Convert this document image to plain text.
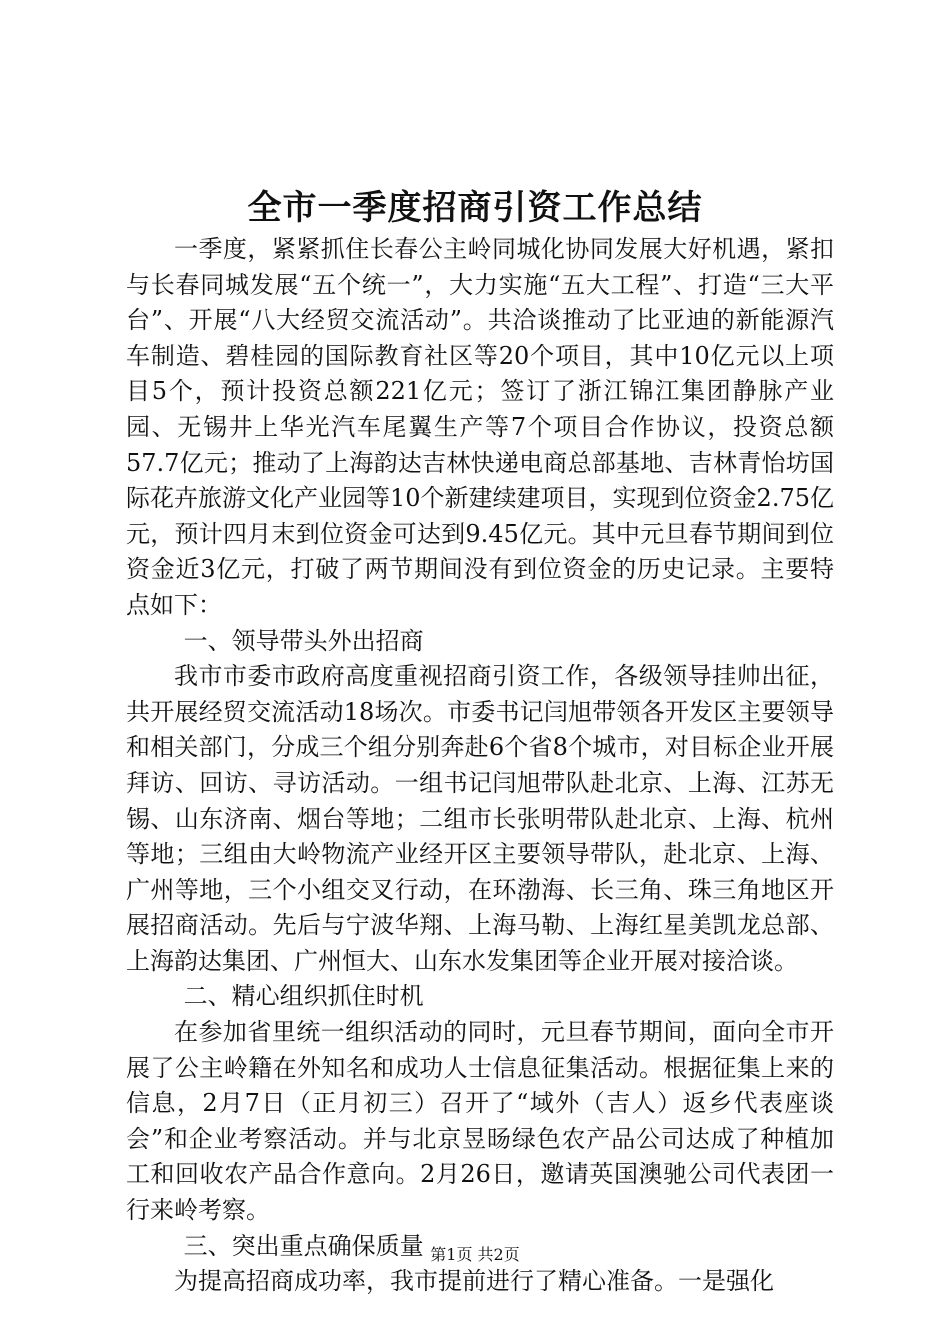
全市一季度招商引资工作总结

一季度，紧紧抓住长春公主岭同城化协同发展大好机遇，紧扣与长春同城发展“五个统一”，大力实施“五大工程”、打造“三大平台”、开展“八大经贸交流活动”。共洽谈推动了比亚迪的新能源汽车制造、碧桂园的国际教育社区等20个项目，其中10亿元以上项目5个，预计投资总额221亿元；签订了浙江锦江集团静脉产业园、无锡井上华光汽车尾翼生产等7个项目合作协议，投资总额57.7亿元；推动了上海韵达吉林快递电商总部基地、吉林青怡坊国际花卉旅游文化产业园等10个新建续建项目，实现到位资金2.75亿元，预计四月末到位资金可达到9.45亿元。其中元旦春节期间到位资金近3亿元，打破了两节期间没有到位资金的历史记录。主要特点如下：

一、领导带头外出招商

我市市委市政府高度重视招商引资工作，各级领导挂帅出征，共开展经贸交流活动18场次。市委书记闫旭带领各开发区主要领导和相关部门，分成三个组分别奔赴6个省8个城市，对目标企业开展拜访、回访、寻访活动。一组书记闫旭带队赴北京、上海、江苏无锡、山东济南、烟台等地；二组市长张明带队赴北京、上海、杭州等地；三组由大岭物流产业经开区主要领导带队，赴北京、上海、广州等地，三个小组交叉行动，在环渤海、长三角、珠三角地区开展招商活动。先后与宁波华翔、上海马勒、上海红星美凯龙总部、上海韵达集团、广州恒大、山东水发集团等企业开展对接洽谈。

二、精心组织抓住时机

在参加省里统一组织活动的同时，元旦春节期间，面向全市开展了公主岭籍在外知名和成功人士信息征集活动。根据征集上来的信息，2月7日（正月初三）召开了“域外（吉人）返乡代表座谈会”和企业考察活动。并与北京昱旸绿色农产品公司达成了种植加工和回收农产品合作意向。2月26日，邀请英国澳驰公司代表团一行来岭考察。

三、突出重点确保质量

为提高招商成功率，我市提前进行了精心准备。一是强化

第1页 共2页
